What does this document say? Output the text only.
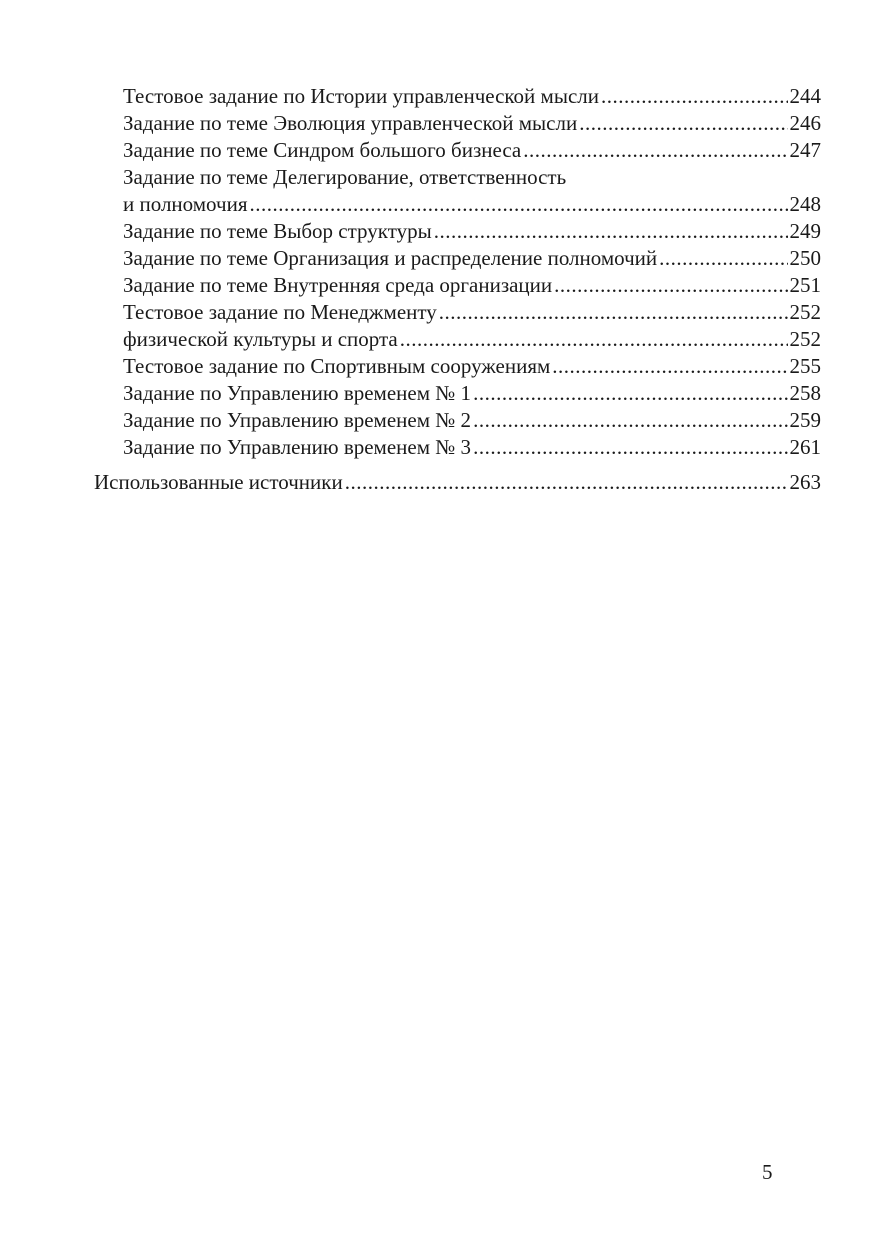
Тестовое задание по Истории управленческой мысли .....	244
Задание по теме Эволюция управленческой мысли .....	246
Задание по теме Синдром большого бизнеса .....	247
Задание по теме Делегирование, ответственность
и полномочия .....	248
Задание по теме Выбор структуры .....	249
Задание по теме Организация и распределение полномочий .....	250
Задание по теме Внутренняя среда организации .....	251
Тестовое задание по Менеджменту .....	252
физической культуры и спорта .....	252
Тестовое задание по Спортивным сооружениям .....	255
Задание по Управлению временем № 1 .....	258
Задание по Управлению временем № 2 .....	259
Задание по Управлению временем № 3 .....	261
Использованные источники .....	263
5
